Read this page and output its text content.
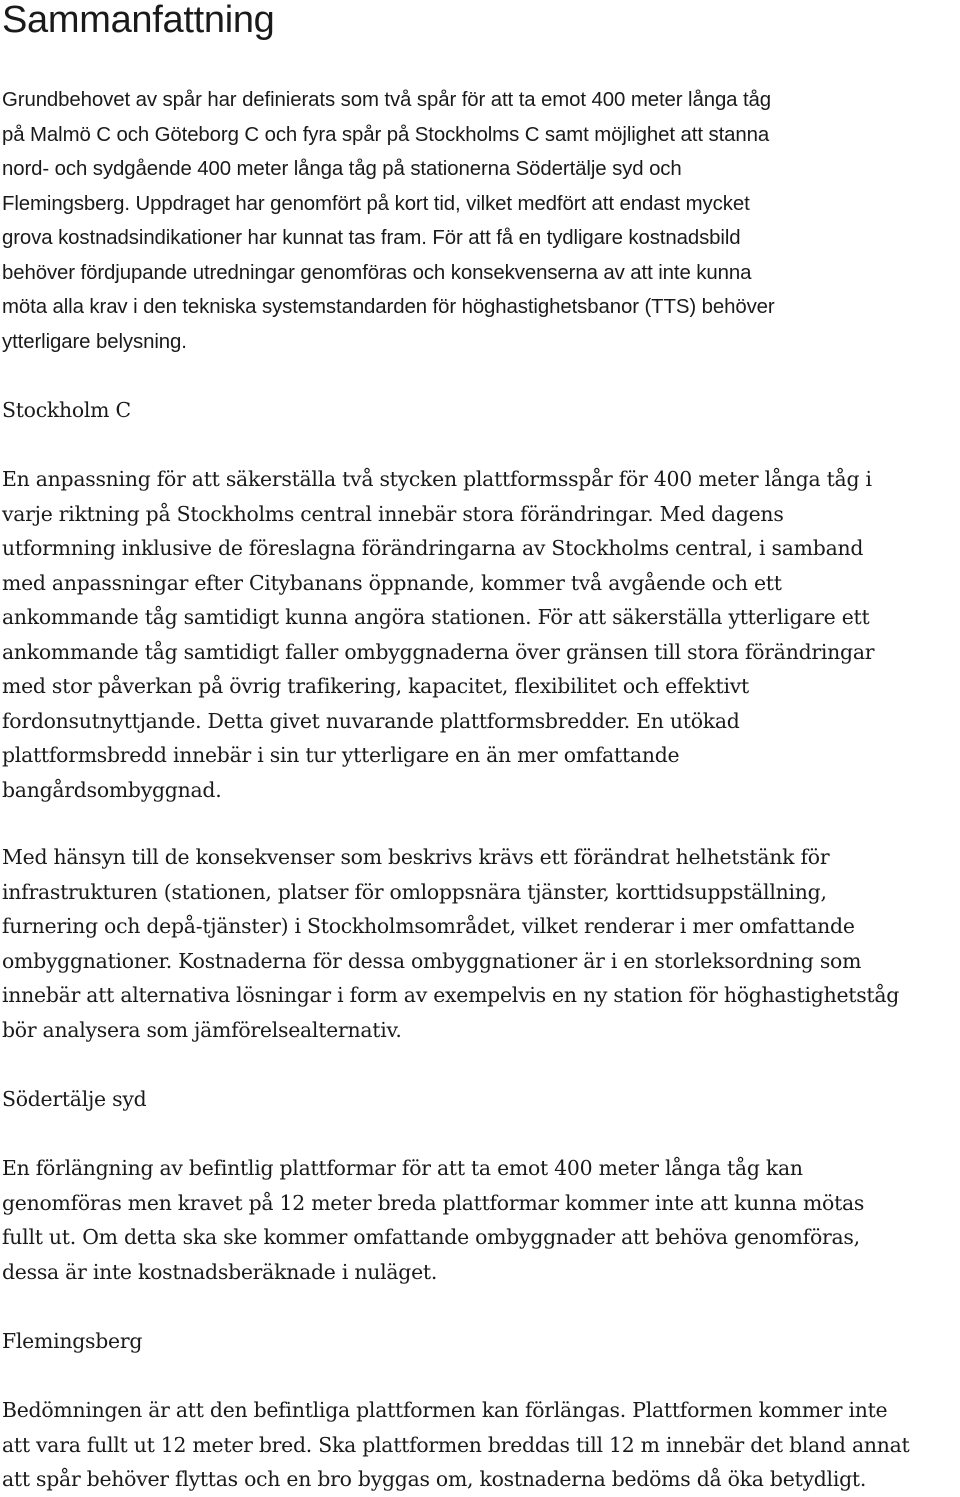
Sammanfattning

Grundbehovet av spår har definierats som två spår för att ta emot 400 meter långa tåg
på Malmö C och Göteborg C och fyra spår på Stockholms C samt möjlighet att stanna
nord- och sydgående 400 meter långa tåg på stationerna Södertälje syd och
Flemingsberg. Uppdraget har genomfört på kort tid, vilket medfört att endast mycket
grova kostnadsindikationer har kunnat tas fram. För att få en tydligare kostnadsbild
behöver fördjupande utredningar genomföras och konsekvenserna av att inte kunna
möta alla krav i den tekniska systemstandarden för höghastighetsbanor (TTS) behöver
ytterligare belysning.

Stockholm C

En anpassning för att säkerställa två stycken plattformsspår för 400 meter långa tåg i
varje riktning på Stockholms central innebär stora förändringar. Med dagens
utformning inklusive de föreslagna förändringarna av Stockholms central, i samband
med anpassningar efter Citybanans öppnande, kommer två avgående och ett
ankommande tåg samtidigt kunna angöra stationen. För att säkerställa ytterligare ett
ankommande tåg samtidigt faller ombyggnaderna över gränsen till stora förändringar
med stor påverkan på övrig trafikering, kapacitet, flexibilitet och effektivt
fordonsutnyttjande. Detta givet nuvarande plattformsbredder. En utökad
plattformsbredd innebär i sin tur ytterligare en än mer omfattande
bangårdsombyggnad.

Med hänsyn till de konsekvenser som beskrivs krävs ett förändrat helhetstänk för
infrastrukturen (stationen, platser för omloppsnära tjänster, korttidsuppställning,
furnering och depå-tjänster) i Stockholmsområdet, vilket renderar i mer omfattande
ombyggnationer. Kostnaderna för dessa ombyggnationer är i en storleksordning som
innebär att alternativa lösningar i form av exempelvis en ny station för höghastighetståg
bör analysera som jämförelsealternativ.

Södertälje syd

En förlängning av befintlig plattformar för att ta emot 400 meter långa tåg kan
genomföras men kravet på 12 meter breda plattformar kommer inte att kunna mötas
fullt ut. Om detta ska ske kommer omfattande ombyggnader att behöva genomföras,
dessa är inte kostnadsberäknade i nuläget.

Flemingsberg

Bedömningen är att den befintliga plattformen kan förlängas. Plattformen kommer inte
att vara fullt ut 12 meter bred. Ska plattformen breddas till 12 m innebär det bland annat
att spår behöver flyttas och en bro byggas om, kostnaderna bedöms då öka betydligt.
